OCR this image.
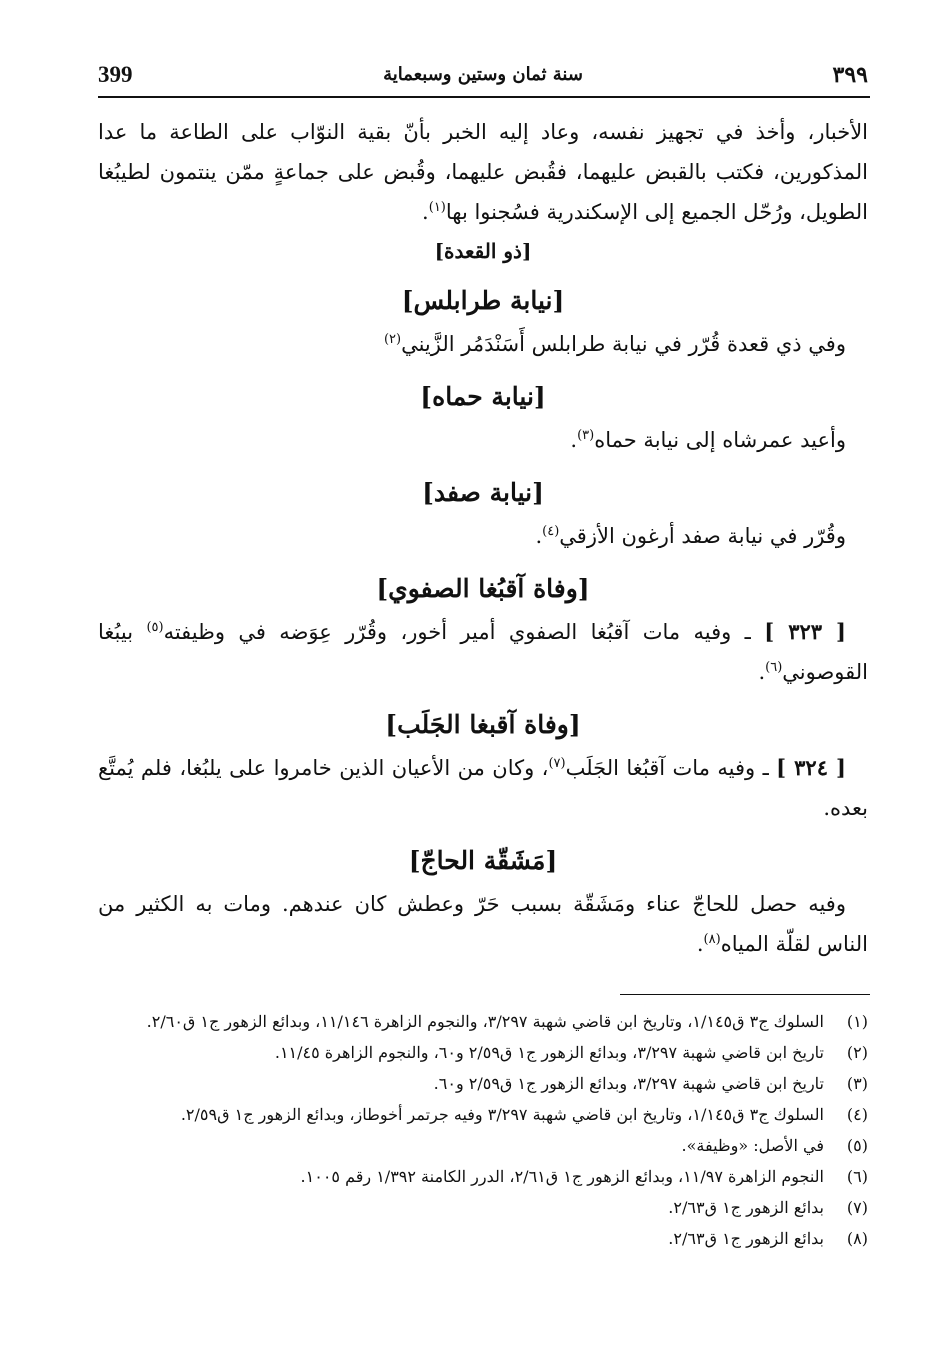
399	سنة ثمان وستين وسبعماية	٣٩٩

الأخبار، وأخذ في تجهيز نفسه، وعاد إليه الخبر بأنّ بقية النوّاب على الطاعة ما عدا المذكورين، فكتب بالقبض عليهما، فقُبض عليهما، وقُبض على جماعةٍ ممّن ينتمون لطيبُغا الطويل، ورُحّل الجميع إلى الإسكندرية فسُجنوا بها$^{(١)}$.

[ذو القعدة]

[نيابة طرابلس]

وفي ذي قعدة قُرّر في نيابة طرابلس أَسَنْدَمُر الزَّيني$^{(٢)}$

[نيابة حماه]

وأعيد عمرشاه إلى نيابة حماه$^{(٣)}$.

[نيابة صفد]

وقُرّر في نيابة صفد أرغون الأزقي$^{(٤)}$.

[وفاة آقبُغا الصفوي]

[ ٣٢٣ ] ـ وفيه مات آقبُغا الصفوي أمير أخور، وقُرّر عِوَضه في وظيفته$^{(٥)}$ بيبُغا القوصوني$^{(٦)}$.

[وفاة آقبغا الجَلَب]

[ ٣٢٤ ] ـ وفيه مات آقبُغا الجَلَب$^{(٧)}$، وكان من الأعيان الذين خامروا على يلبُغا، فلم يُمتَّع بعده.

[مَشَقّة الحاجّ]

وفيه حصل للحاجّ عناء ومَشَقّة بسبب حَرّ وعطش كان عندهم. ومات به الكثير من الناس لقلّة المياه$^{(٨)}$.

(١)
السلوك ج٣ ق١/١٤٥، وتاريخ ابن قاضي شهبة ٣/٢٩٧، والنجوم الزاهرة ١١/١٤٦، وبدائع الزهور ج١ ق٢/٦٠.

(٢)
تاريخ ابن قاضي شهبة ٣/٢٩٧، وبدائع الزهور ج١ ق٢/٥٩ و٦٠، والنجوم الزاهرة ١١/٤٥.

(٣)
تاريخ ابن قاضي شهبة ٣/٢٩٧، وبدائع الزهور ج١ ق٢/٥٩ و٦٠.

(٤)
السلوك ج٣ ق١/١٤٥، وتاريخ ابن قاضي شهبة ٣/٢٩٧ وفيه جرتمر أخوطاز، وبدائع الزهور ج١ ق٢/٥٩.

(٥)
في الأصل: «وظيفة».

(٦)
النجوم الزاهرة ١١/٩٧، وبدائع الزهور ج١ ق٢/٦١، الدرر الكامنة ١/٣٩٢ رقم ١٠٠٥.

(٧)
بدائع الزهور ج١ ق٢/٦٣.

(٨)
بدائع الزهور ج١ ق٢/٦٣.
